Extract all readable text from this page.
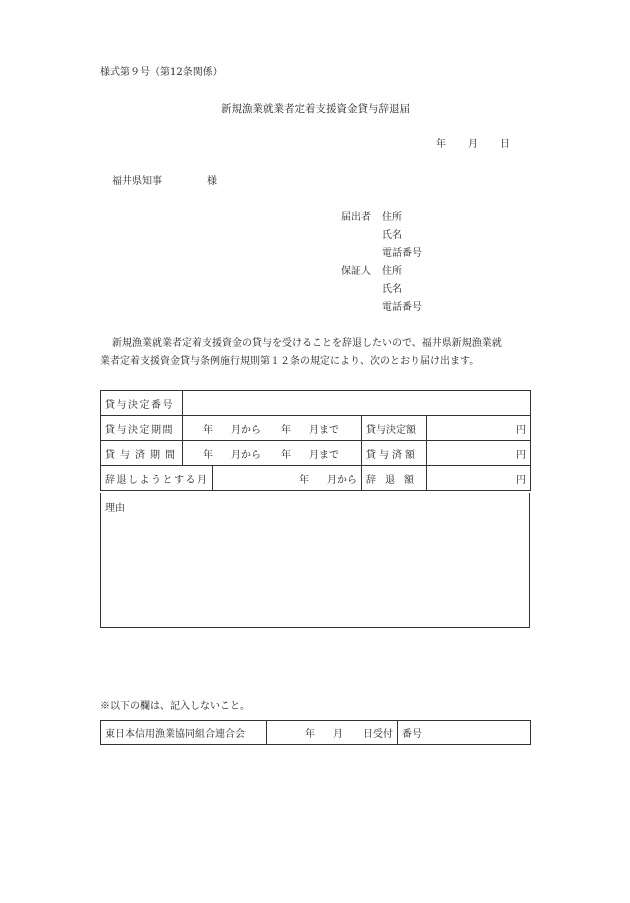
様式第９号（第12条関係）
新規漁業就業者定着支援資金貸与辞退届
年 月 日
福井県知事	様
届出者 住所
氏名
電話番号
保証人 住所
氏名
電話番号
新規漁業就業者定着支援資金の貸与を受けることを辞退したいので、福井県新規漁業就
業者定着支援資金貸与条例施行規則第１２条の規定により、次のとおり届け出ます。
貸与決定番号				
貸与決定期間	年 月から 年 月まで		貸与決定額	円
貸与済期間	年 月から 年 月まで		貸与済額	円
辞退しようとする月		年 月から	辞退額	円
理由
※以下の欄は、記入しないこと。
東日本信用漁業協同組合連合会	年 月 日受付	番号
